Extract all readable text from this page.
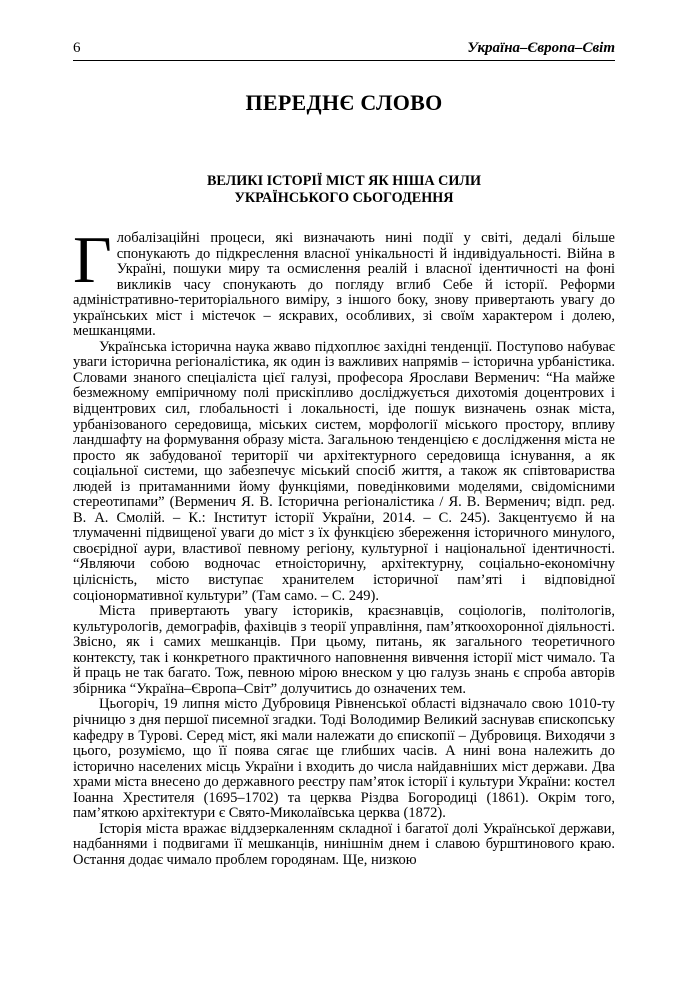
6	Україна–Європа–Світ
ПЕРЕДНЄ СЛОВО
ВЕЛИКІ ІСТОРІЇ МІСТ ЯК НІША СИЛИ
УКРАЇНСЬКОГО СЬОГОДЕННЯ

Глобалізаційні процеси, які визначають нині події у світі, дедалі більше спонукають до підкреслення власної унікальності й індивідуальності. Війна в Україні, пошуки миру та осмислення реалій і власної ідентичності на фоні викликів часу спонукають до погляду вглиб Себе й історії. Реформи адміністративно-територіального виміру, з іншого боку, знову привертають увагу до українських міст і містечок – яскравих, особливих, зі своїм характером і долею, мешканцями.

Українська історична наука жваво підхоплює західні тенденції. Поступово набуває уваги історична регіоналістика, як один із важливих напрямів – історична урбаністика. Словами знаного спеціаліста цієї галузі, професора Ярослави Верменич: “На майже безмежному емпіричному полі прискіпливо досліджується дихотомія доцентрових і відцентрових сил, глобальності і локальності, іде пошук визначень ознак міста, урбанізованого середовища, міських систем, морфології міського простору, впливу ландшафту на формування образу міста. Загальною тенденцією є дослідження міста не просто як забудованої території чи архітектурного середовища існування, а як соціальної системи, що забезпечує міський спосіб життя, а також як співтовариства людей із притаманними йому функціями, поведінковими моделями, свідомісними стереотипами” (Верменич Я. В. Історична регіоналістика / Я. В. Верменич; відп. ред. В. А. Смолій. – К.: Інститут історії України, 2014. – С. 245). Закцентуємо й на тлумаченні підвищеної уваги до міст з їх функцією збереження історичного минулого, своєрідної аури, властивої певному регіону, культурної і національної ідентичності. “Являючи собою водночас етноісторичну, архітектурну, соціально-економічну цілісність, місто виступає хранителем історичної пам’яті і відповідної соціонормативної культури” (Там само. – С. 249).

Міста привертають увагу істориків, краєзнавців, соціологів, політологів, культурологів, демографів, фахівців з теорії управління, пам’яткоохоронної діяльності. Звісно, як і самих мешканців. При цьому, питань, як загального теоретичного контексту, так і конкретного практичного наповнення вивчення історії міст чимало. Та й праць не так багато. Тож, певною мірою внеском у цю галузь знань є спроба авторів збірника “Україна–Європа–Світ” долучитись до означених тем.

Цьогоріч, 19 липня місто Дубровиця Рівненської області відзначало свою 1010-ту річницю з дня першої писемної згадки. Тоді Володимир Великий заснував єпископську кафедру в Турові. Серед міст, які мали належати до єпископії – Дубровиця. Виходячи з цього, розуміємо, що її поява сягає ще глибших часів. А нині вона належить до історично населених місць України і входить до числа найдавніших міст держави. Два храми міста внесено до державного реєстру пам’яток історії і культури України: костел Іоанна Хрестителя (1695–1702) та церква Різдва Богородиці (1861). Окрім того, пам’яткою архітектури є Свято-Миколаївська церква (1872).

Історія міста вражає віддзеркаленням складної і багатої долі Української держави, надбаннями і подвигами її мешканців, нинішнім днем і славою бурштинового краю. Остання додає чимало проблем городянам. Ще, низкою
